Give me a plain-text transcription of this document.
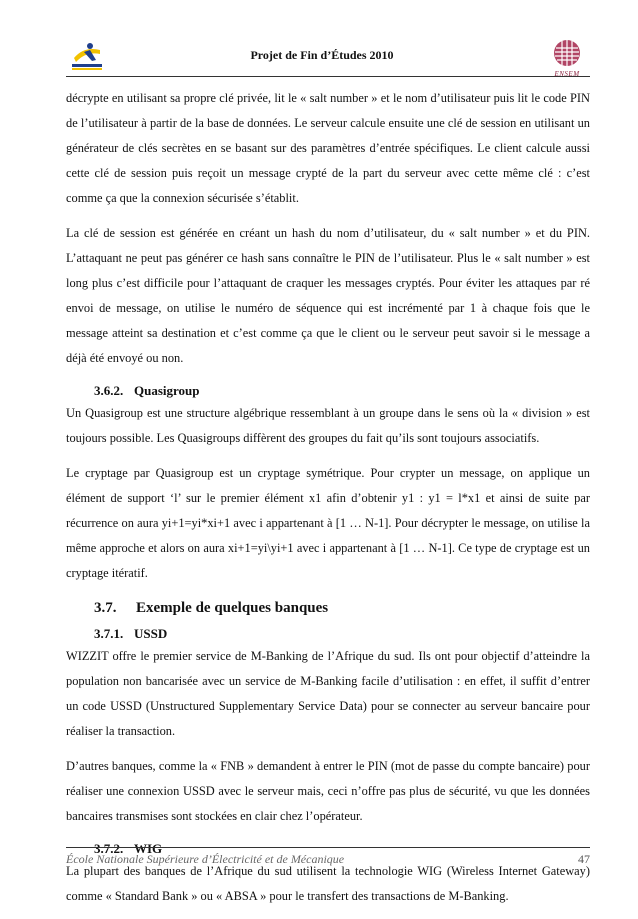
Projet de Fin d’Études 2010
ENSEM

décrypte en utilisant sa propre clé privée, lit le « salt number » et le nom d’utilisateur puis lit le code PIN de l’utilisateur à partir de la base de données. Le serveur calcule ensuite une clé de session en utilisant un générateur de clés secrètes en se basant sur des paramètres d’entrée spécifiques. Le client calcule aussi cette clé de session puis reçoit un message crypté de la part du serveur avec cette même clé : c’est comme ça que la connexion sécurisée s’établit.

La clé de session est générée en créant un hash du nom d’utilisateur, du « salt number » et du PIN. L’attaquant ne peut pas générer ce hash sans connaître le PIN de l’utilisateur. Plus le « salt number » est long plus c’est difficile pour l’attaquant de craquer les messages cryptés. Pour éviter les attaques par ré envoi de message, on utilise le numéro de séquence qui est incrémenté par 1 à chaque fois que le message atteint sa destination et c’est comme ça que le client ou le serveur peut savoir si le message a déjà été envoyé ou non.

3.6.2. Quasigroup

Un Quasigroup est une structure algébrique ressemblant à un groupe dans le sens où la « division » est toujours possible. Les Quasigroups diffèrent des groupes du fait qu’ils sont toujours associatifs.

Le cryptage par Quasigroup est un cryptage symétrique. Pour crypter un message, on applique un élément de support ‘l’ sur le premier élément x1 afin d’obtenir y1 : y1 = l*x1 et ainsi de suite par récurrence on aura yi+1=yi*xi+1 avec i appartenant à [1 … N-1]. Pour décrypter le message, on utilise la même approche et alors on aura xi+1=yi\yi+1 avec i appartenant à [1 … N-1]. Ce type de cryptage est un cryptage itératif.

3.7. Exemple de quelques banques
3.7.1. USSD

WIZZIT offre le premier service de M-Banking de l’Afrique du sud. Ils ont pour objectif d’atteindre la population non bancarisée avec un service de M-Banking facile d’utilisation : en effet, il suffit d’entrer un code USSD (Unstructured Supplementary Service Data) pour se connecter au serveur bancaire pour réaliser la transaction.

D’autres banques, comme la « FNB » demandent à entrer le PIN (mot de passe du compte bancaire) pour réaliser une connexion USSD avec le serveur mais, ceci n’offre pas plus de sécurité, vu que les données bancaires transmises sont stockées en clair chez l’opérateur.

3.7.2. WIG

La plupart des banques de l’Afrique du sud utilisent la technologie WIG (Wireless Internet Gateway) comme « Standard Bank » ou « ABSA » pour le transfert des transactions de M-Banking.

École Nationale Supérieure d’Électricité et de Mécanique	47
